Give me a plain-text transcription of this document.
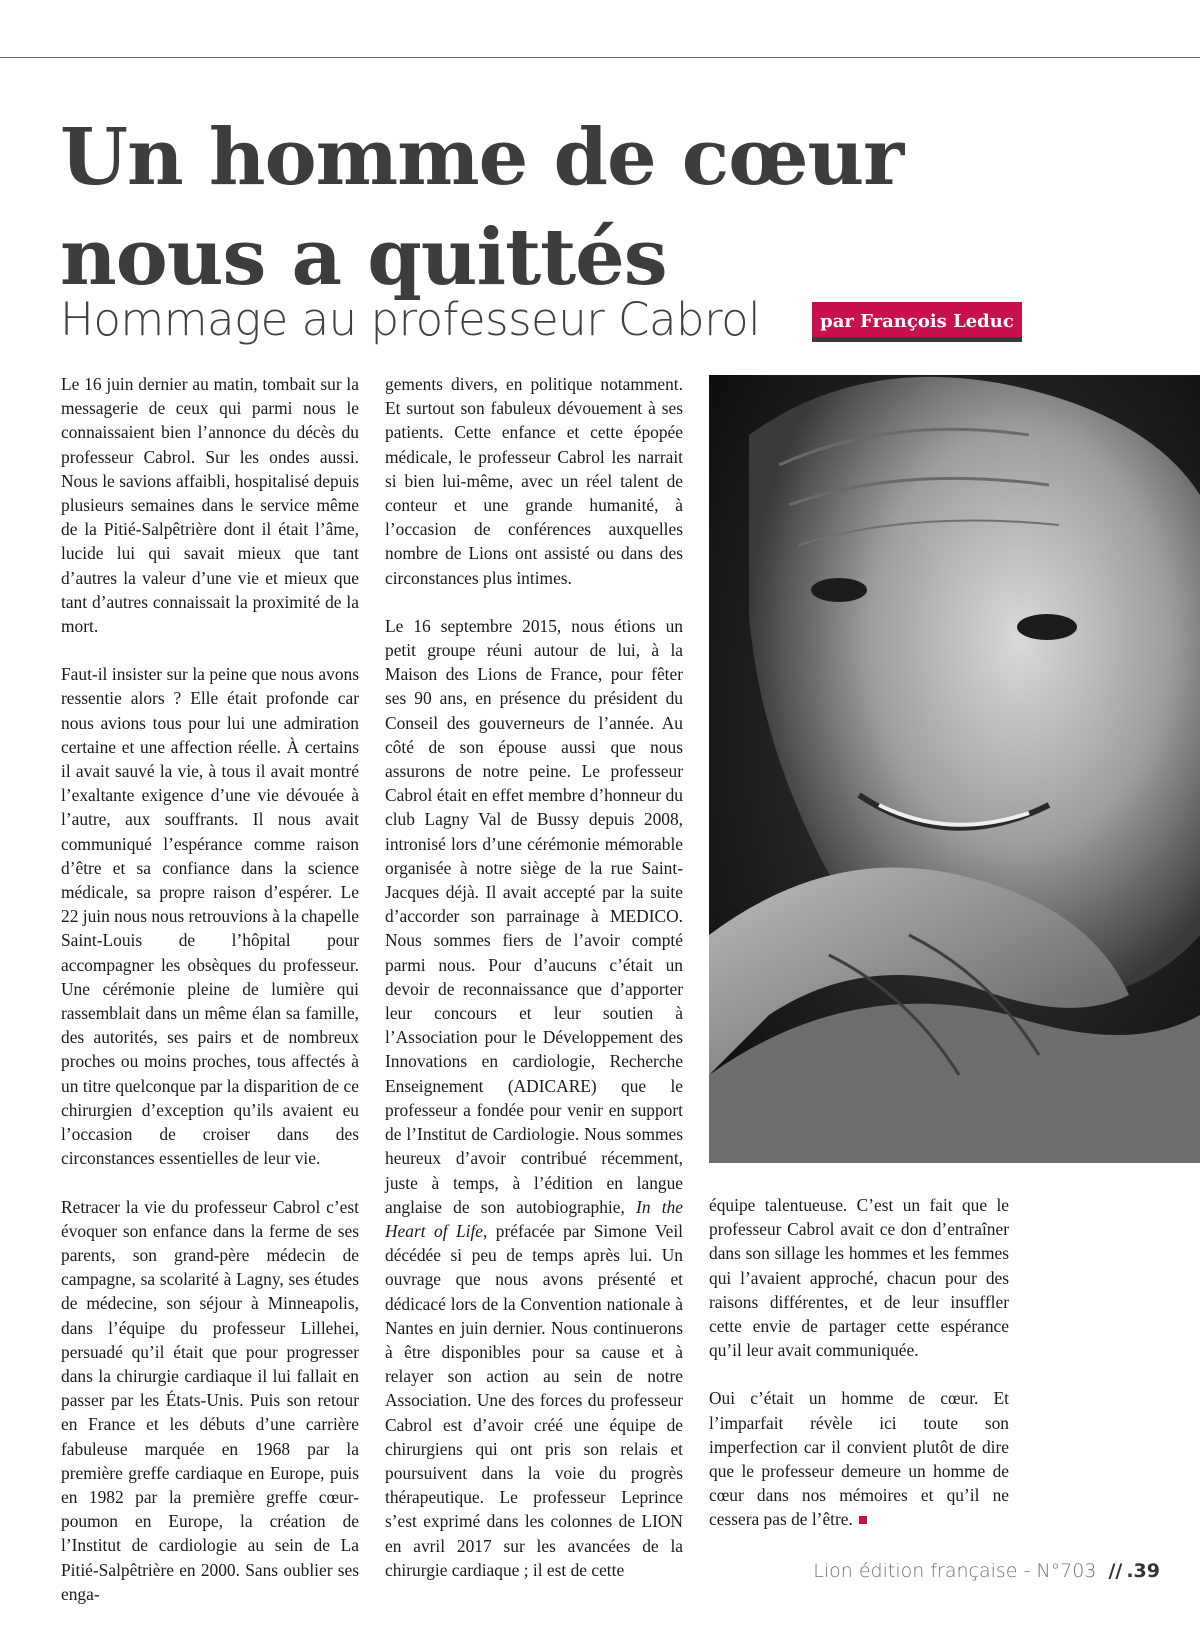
Un homme de cœur
nous a quittés
Hommage au professeur Cabrol	par François Leduc

Le 16 juin dernier au matin, tombait sur la messagerie de ceux qui parmi nous le connaissaient bien l’annonce du décès du professeur Cabrol. Sur les ondes aussi. Nous le savions affaibli, hospitalisé depuis plusieurs semaines dans le service même de la Pitié-Salpêtrière dont il était l’âme, lucide lui qui savait mieux que tant d’autres la valeur d’une vie et mieux que tant d’autres connaissait la proximité de la mort.

Faut-il insister sur la peine que nous avons ressentie alors ? Elle était profonde car nous avions tous pour lui une admiration certaine et une affection réelle. À certains il avait sauvé la vie, à tous il avait montré l’exaltante exigence d’une vie dévouée à l’autre, aux souffrants. Il nous avait communiqué l’espérance comme raison d’être et sa confiance dans la science médicale, sa propre raison d’espérer. Le 22 juin nous nous retrouvions à la chapelle Saint-Louis de l’hôpital pour accompagner les obsèques du professeur. Une cérémonie pleine de lumière qui rassemblait dans un même élan sa famille, des autorités, ses pairs et de nombreux proches ou moins proches, tous affectés à un titre quelconque par la disparition de ce chirurgien d’exception qu’ils avaient eu l’occasion de croiser dans des circonstances essentielles de leur vie.

Retracer la vie du professeur Cabrol c’est évoquer son enfance dans la ferme de ses parents, son grand-père médecin de campagne, sa scolarité à Lagny, ses études de médecine, son séjour à Minneapolis, dans l’équipe du professeur Lillehei, persuadé qu’il était que pour progresser dans la chirurgie cardiaque il lui fallait en passer par les États-Unis. Puis son retour en France et les débuts d’une carrière fabuleuse marquée en 1968 par la première greffe cardiaque en Europe, puis en 1982 par la première greffe cœur-poumon en Europe, la création de l’Institut de cardiologie au sein de La Pitié-Salpêtrière en 2000. Sans oublier ses enga-

gements divers, en politique notamment. Et surtout son fabuleux dévouement à ses patients. Cette enfance et cette épopée médicale, le professeur Cabrol les narrait si bien lui-même, avec un réel talent de conteur et une grande humanité, à l’occasion de conférences auxquelles nombre de Lions ont assisté ou dans des circonstances plus intimes.

Le 16 septembre 2015, nous étions un petit groupe réuni autour de lui, à la Maison des Lions de France, pour fêter ses 90 ans, en présence du président du Conseil des gouverneurs de l’année. Au côté de son épouse aussi que nous assurons de notre peine. Le professeur Cabrol était en effet membre d’honneur du club Lagny Val de Bussy depuis 2008, intronisé lors d’une cérémonie mémorable organisée à notre siège de la rue Saint-Jacques déjà. Il avait accepté par la suite d’accorder son parrainage à MEDICO. Nous sommes fiers de l’avoir compté parmi nous. Pour d’aucuns c’était un devoir de reconnaissance que d’apporter leur concours et leur soutien à l’Association pour le Développement des Innovations en cardiologie, Recherche Enseignement (ADICARE) que le professeur a fondée pour venir en support de l’Institut de Cardiologie. Nous sommes heureux d’avoir contribué récemment, juste à temps, à l’édition en langue anglaise de son autobiographie, In the Heart of Life, préfacée par Simone Veil décédée si peu de temps après lui. Un ouvrage que nous avons présenté et dédicacé lors de la Convention nationale à Nantes en juin dernier. Nous continuerons à être disponibles pour sa cause et à relayer son action au sein de notre Association. Une des forces du professeur Cabrol est d’avoir créé une équipe de chirurgiens qui ont pris son relais et poursuivent dans la voie du progrès thérapeutique. Le professeur Leprince s’est exprimé dans les colonnes de LION en avril 2017 sur les avancées de la chirurgie cardiaque ; il est de cette

équipe talentueuse. C’est un fait que le professeur Cabrol avait ce don d’entraîner dans son sillage les hommes et les femmes qui l’avaient approché, chacun pour des raisons différentes, et de leur insuffler cette envie de partager cette espérance qu’il leur avait communiquée.

Oui c’était un homme de cœur. Et l’imparfait révèle ici toute son imperfection car il convient plutôt de dire que le professeur demeure un homme de cœur dans nos mémoires et qu’il ne cessera pas de l’être.

Lion édition française - N°703 // .39
